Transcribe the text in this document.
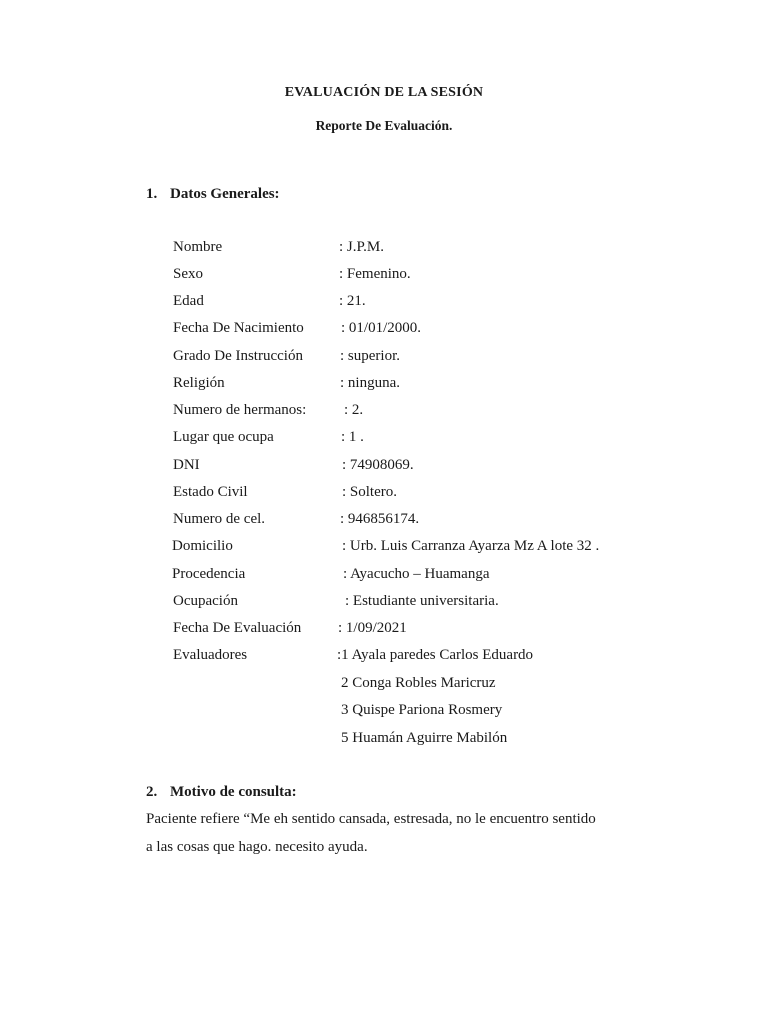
EVALUACIÓN DE LA SESIÓN
Reporte De Evaluación.
1. Datos Generales:
Nombre	: J.P.M.
Sexo	: Femenino.
Edad	: 21.
Fecha De Nacimiento : 01/01/2000.
Grado De Instrucción : superior.
Religión	: ninguna.
Numero de hermanos:	: 2.
Lugar que ocupa	: 1 .
DNI	: 74908069.
Estado Civil	: Soltero.
Numero de cel.	: 946856174.
Domicilio	: Urb. Luis Carranza Ayarza Mz A lote 32 .
Procedencia	: Ayacucho – Huamanga
Ocupación	: Estudiante universitaria.
Fecha De Evaluación : 1/09/2021
Evaluadores	:1 Ayala paredes Carlos Eduardo
2 Conga Robles Maricruz
3 Quispe Pariona Rosmery
5 Huamán Aguirre Mabilón
2. Motivo de consulta:
Paciente refiere “Me eh sentido cansada, estresada, no le encuentro sentido
a las cosas que hago. necesito ayuda.
